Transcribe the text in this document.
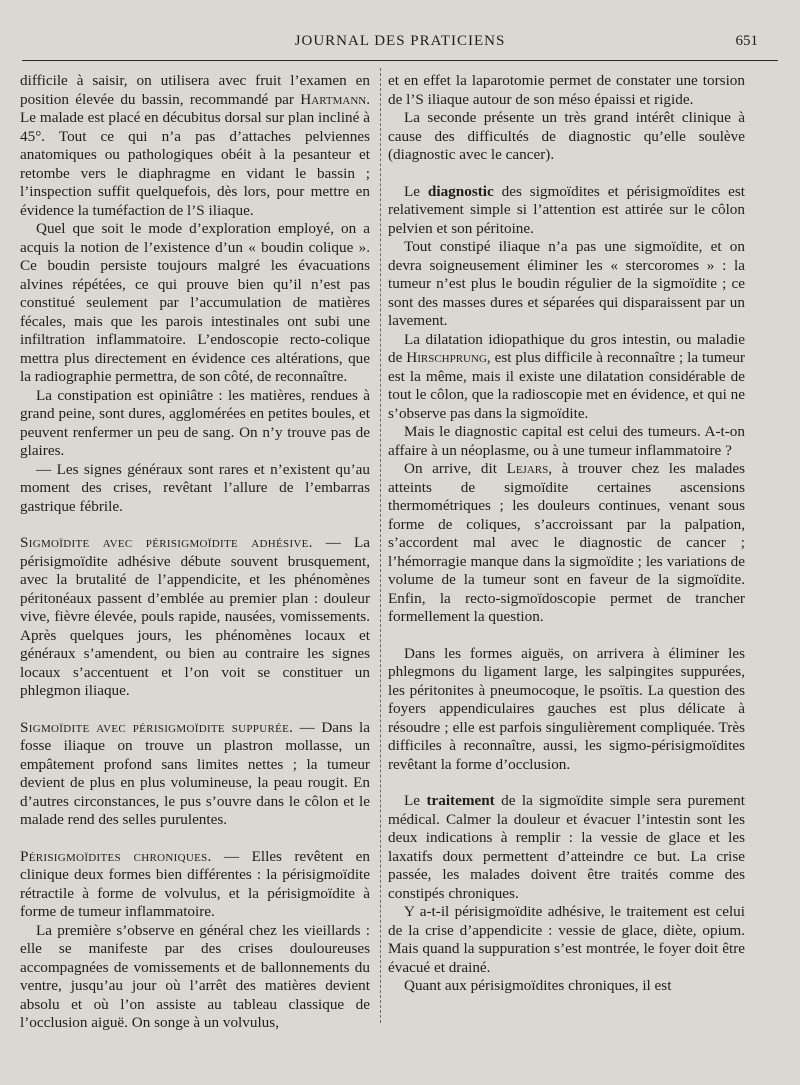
JOURNAL DES PRATICIENS	651

difficile à saisir, on utilisera avec fruit l’examen en position élevée du bassin, recommandé par Hartmann. Le malade est placé en décubitus dorsal sur plan incliné à 45°. Tout ce qui n’a pas d’attaches pelviennes anatomiques ou pathologiques obéit à la pesanteur et retombe vers le diaphragme en vidant le bassin ; l’inspection suffit quelquefois, dès lors, pour mettre en évidence la tuméfaction de l’S iliaque.

Quel que soit le mode d’exploration employé, on a acquis la notion de l’existence d’un « boudin colique ». Ce boudin persiste toujours malgré les évacuations alvines répétées, ce qui prouve bien qu’il n’est pas constitué seulement par l’accumulation de matières fécales, mais que les parois intestinales ont subi une infiltration inflammatoire. L’endoscopie recto-colique mettra plus directement en évidence ces altérations, que la radiographie permettra, de son côté, de reconnaître.

La constipation est opiniâtre : les matières, rendues à grand peine, sont dures, agglomérées en petites boules, et peuvent renfermer un peu de sang. On n’y trouve pas de glaires.

— Les signes généraux sont rares et n’existent qu’au moment des crises, revêtant l’allure de l’embarras gastrique fébrile.

Sigmoïdite avec périsigmoïdite adhésive. — La périsigmoïdite adhésive débute souvent brusquement, avec la brutalité de l’appendicite, et les phénomènes péritonéaux passent d’emblée au premier plan : douleur vive, fièvre élevée, pouls rapide, nausées, vomissements. Après quelques jours, les phénomènes locaux et généraux s’amendent, ou bien au contraire les signes locaux s’accentuent et l’on voit se constituer un phlegmon iliaque.

Sigmoïdite avec périsigmoïdite suppurée. — Dans la fosse iliaque on trouve un plastron mollasse, un empâtement profond sans limites nettes ; la tumeur devient de plus en plus volumineuse, la peau rougit. En d’autres circonstances, le pus s’ouvre dans le côlon et le malade rend des selles purulentes.

Périsigmoïdites chroniques. — Elles revêtent en clinique deux formes bien différentes : la périsigmoïdite rétractile à forme de volvulus, et la périsigmoïdite à forme de tumeur inflammatoire.

La première s’observe en général chez les vieillards : elle se manifeste par des crises douloureuses accompagnées de vomissements et de ballonnements du ventre, jusqu’au jour où l’arrêt des matières devient absolu et où l’on assiste au tableau classique de l’occlusion aiguë. On songe à un volvulus,

et en effet la laparotomie permet de constater une torsion de l’S iliaque autour de son méso épaissi et rigide.

La seconde présente un très grand intérêt clinique à cause des difficultés de diagnostic qu’elle soulève (diagnostic avec le cancer).

Le diagnostic des sigmoïdites et périsigmoïdites est relativement simple si l’attention est attirée sur le côlon pelvien et son péritoine.

Tout constipé iliaque n’a pas une sigmoïdite, et on devra soigneusement éliminer les « stercoromes » : la tumeur n’est plus le boudin régulier de la sigmoïdite ; ce sont des masses dures et séparées qui disparaissent par un lavement.

La dilatation idiopathique du gros intestin, ou maladie de Hirschprung, est plus difficile à reconnaître ; la tumeur est la même, mais il existe une dilatation considérable de tout le côlon, que la radioscopie met en évidence, et qui ne s’observe pas dans la sigmoïdite.

Mais le diagnostic capital est celui des tumeurs. A-t-on affaire à un néoplasme, ou à une tumeur inflammatoire ?

On arrive, dit Lejars, à trouver chez les malades atteints de sigmoïdite certaines ascensions thermométriques ; les douleurs continues, venant sous forme de coliques, s’accroissant par la palpation, s’accordent mal avec le diagnostic de cancer ; l’hémorragie manque dans la sigmoïdite ; les variations de volume de la tumeur sont en faveur de la sigmoïdite. Enfin, la recto-sigmoïdoscopie permet de trancher formellement la question.

Dans les formes aiguës, on arrivera à éliminer les phlegmons du ligament large, les salpingites suppurées, les péritonites à pneumocoque, le psoïtis. La question des foyers appendiculaires gauches est plus délicate à résoudre ; elle est parfois singulièrement compliquée. Très difficiles à reconnaître, aussi, les sigmo-périsigmoïdites revêtant la forme d’occlusion.

Le traitement de la sigmoïdite simple sera purement médical. Calmer la douleur et évacuer l’intestin sont les deux indications à remplir : la vessie de glace et les laxatifs doux permettent d’atteindre ce but. La crise passée, les malades doivent être traités comme des constipés chroniques.

Y a-t-il périsigmoïdite adhésive, le traitement est celui de la crise d’appendicite : vessie de glace, diète, opium. Mais quand la suppuration s’est montrée, le foyer doit être évacué et drainé.

Quant aux périsigmoïdites chroniques, il est
